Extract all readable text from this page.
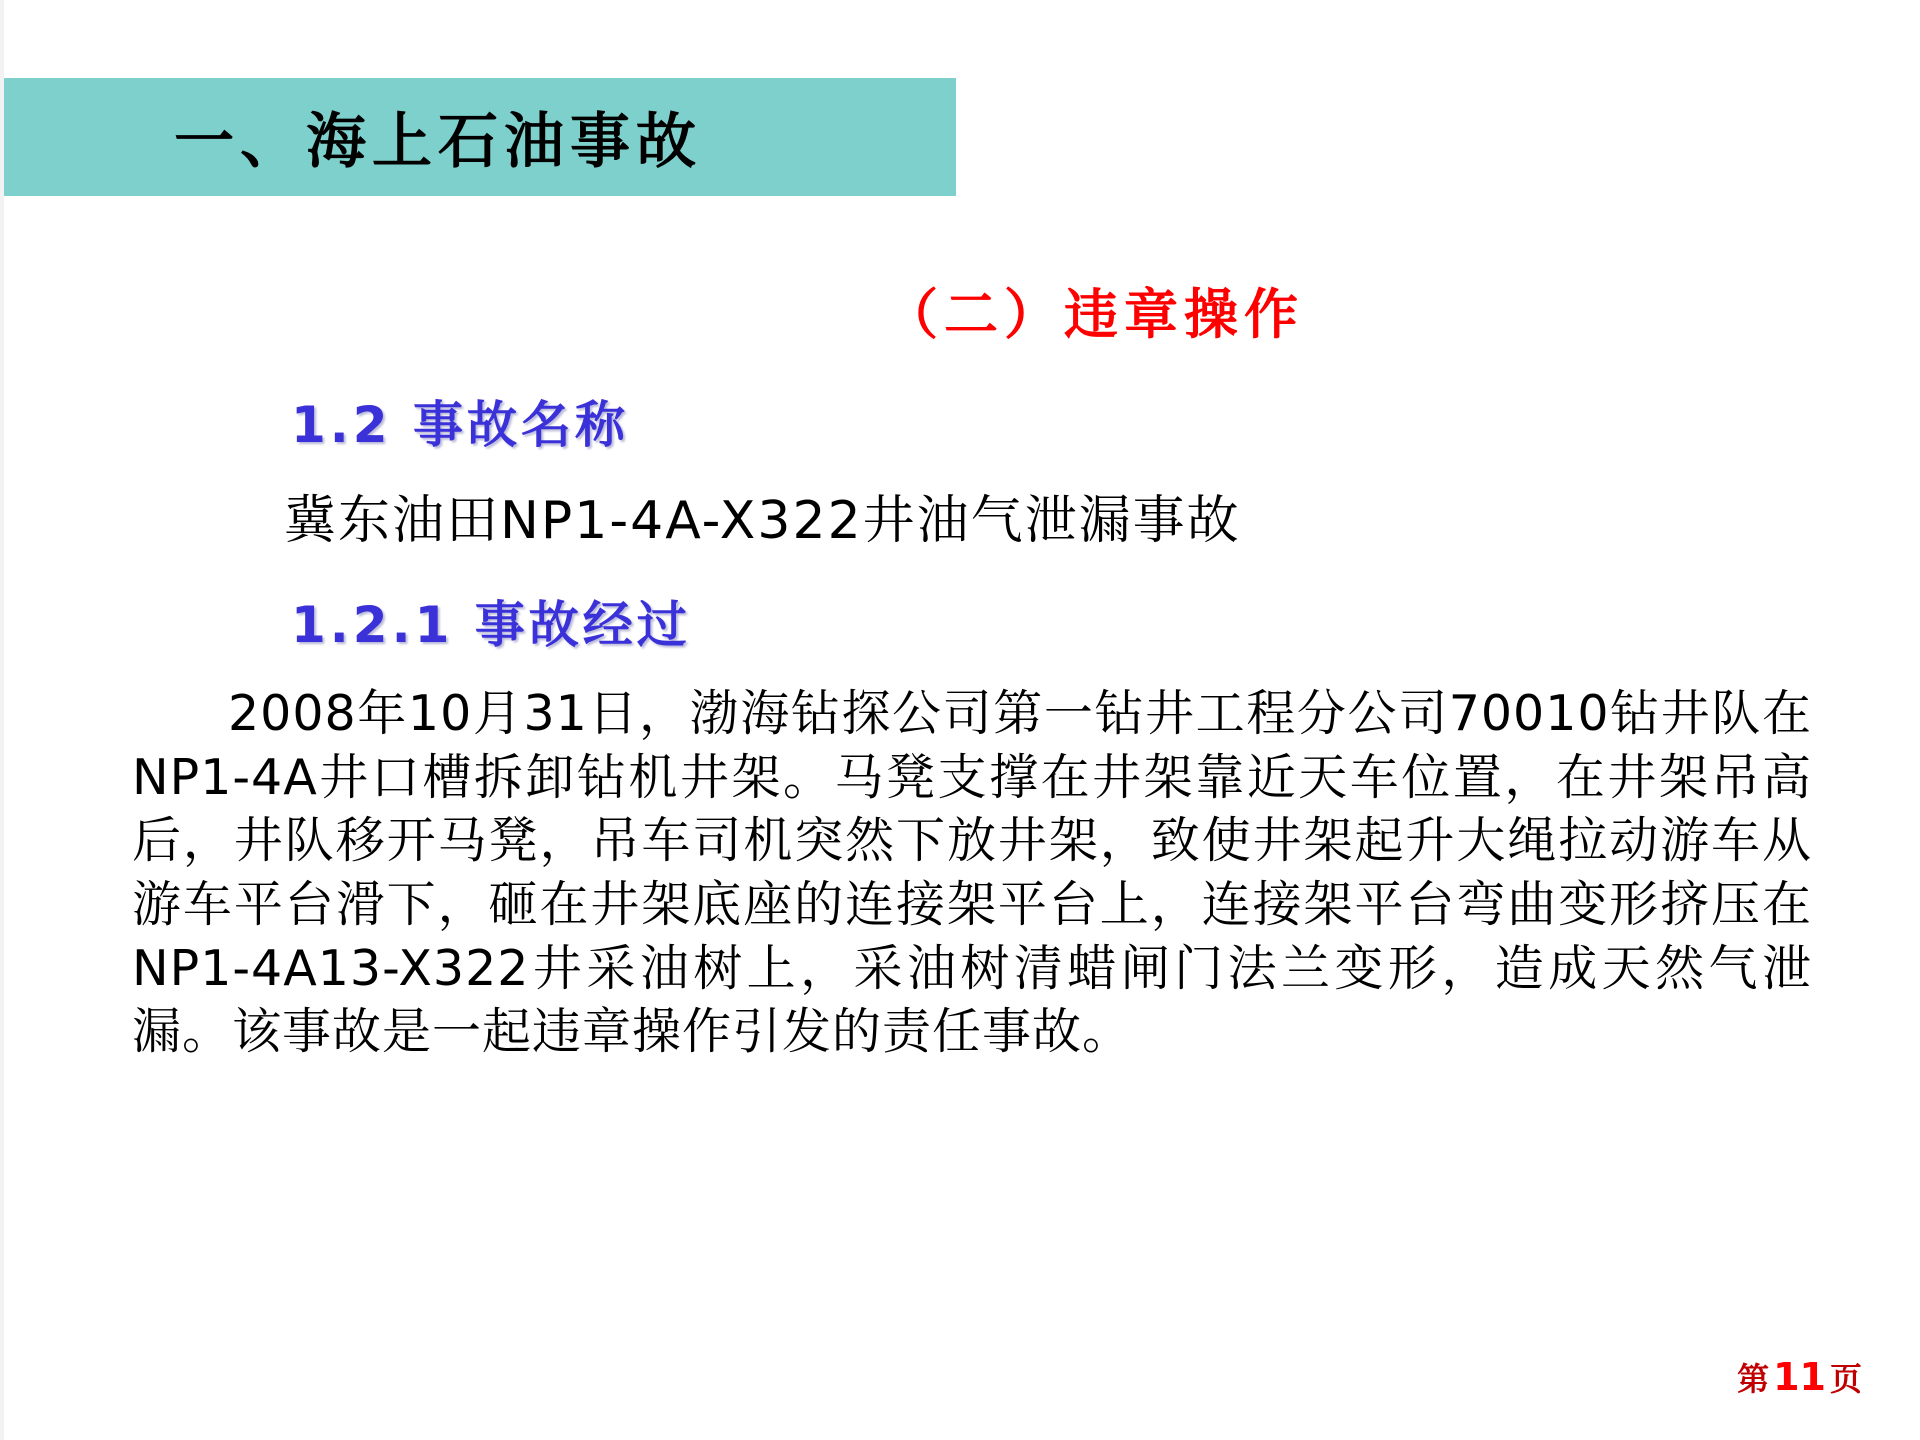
一、海上石油事故
（二）违章操作
1.2 事故名称
冀东油田NP1-4A-X322井油气泄漏事故
1.2.1 事故经过
2008年10月31日，渤海钻探公司第一钻井工程分公司70010钻井队在NP1-4A井口槽拆卸钻机井架。马凳支撑在井架靠近天车位置，在井架吊高后，井队移开马凳，吊车司机突然下放井架，致使井架起升大绳拉动游车从游车平台滑下，砸在井架底座的连接架平台上，连接架平台弯曲变形挤压在NP1-4A13-X322井采油树上，采油树清蜡闸门法兰变形，造成天然气泄漏。该事故是一起违章操作引发的责任事故。
第 11 页
